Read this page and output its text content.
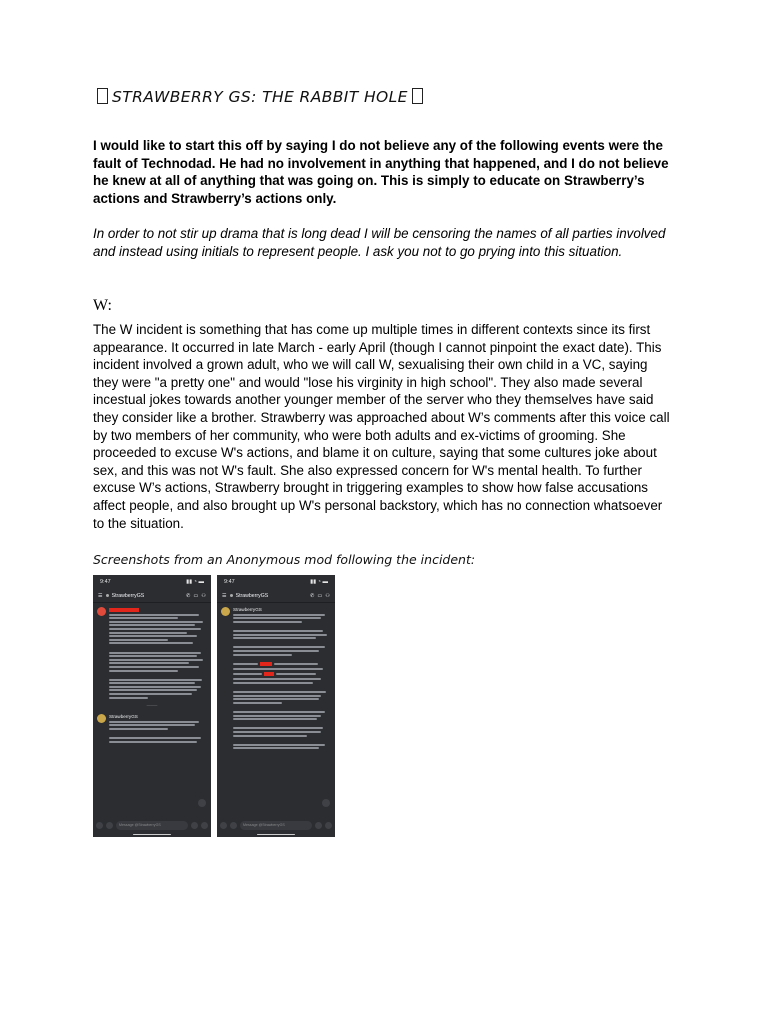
STRAWBERRY GS: THE RABBIT HOLE
I would like to start this off by saying I do not believe any of the following events were the fault of Technodad. He had no involvement in anything that happened, and I do not believe he knew at all of anything that was going on. This is simply to educate on Strawberry’s actions and Strawberry’s actions only.
In order to not stir up drama that is long dead I will be censoring the names of all parties involved and instead using initials to represent people. I ask you not to go prying into this situation.
W:
The W incident is something that has come up multiple times in different contexts since its first appearance. It occurred in late March - early April (though I cannot pinpoint the exact date). This incident involved a grown adult, who we will call W, sexualising their own child in a VC, saying they were "a pretty one" and would "lose his virginity in high school". They also made several incestual jokes towards another younger member of the server who they themselves have said they consider like a brother. Strawberry was approached about W’s comments after this voice call by two members of her community, who were both adults and ex-victims of grooming. She proceeded to excuse W's actions, and blame it on culture, saying that some cultures joke about sex, and this was not W's fault. She also expressed concern for W's mental health. To further excuse W’s actions, Strawberry brought in triggering examples to show how false accusations affect people, and also brought up W's personal backstory, which has no connection whatsoever to the situation.
Screenshots from an Anonymous mod following the incident:
9:47	▮▮ ◔ ▬
☰ StrawberryGS	✆ ▭ ⚇
———
StrawberryGS
Message @StrawberryGS
9:47	▮▮ ◔ ▬
☰ StrawberryGS	✆ ▭ ⚇
StrawberryGS
Message @StrawberryGS
